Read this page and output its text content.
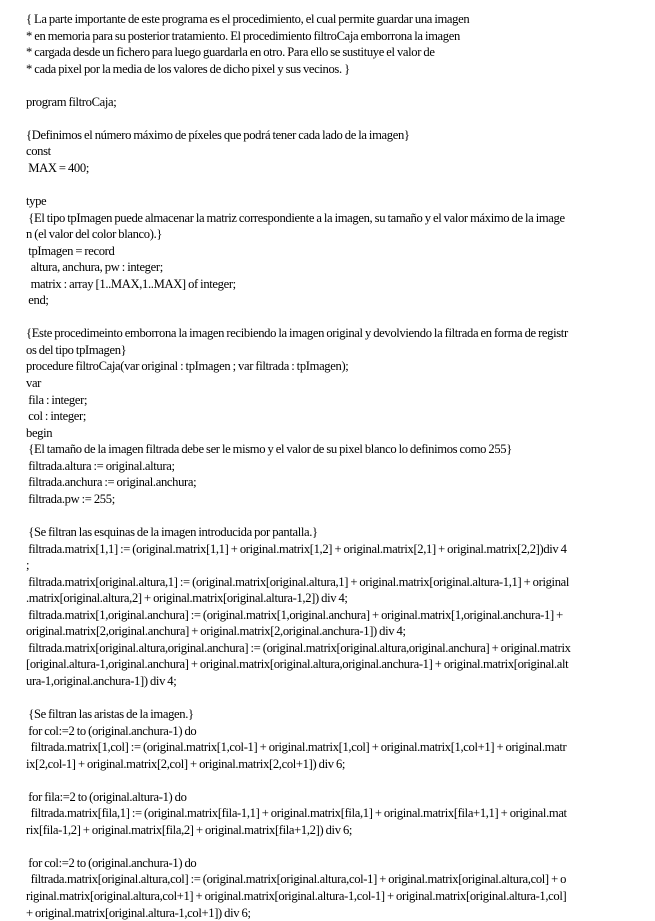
{ La parte importante de este programa es el procedimiento, el cual permite guardar una imagen
* en memoria para su posterior tratamiento. El procedimiento filtroCaja emborrona la imagen
* cargada desde un fichero para luego guardarla en otro. Para ello se sustituye el valor de
* cada pixel por la media de los valores de dicho pixel y sus vecinos. }
program filtroCaja;
{Definimos el número máximo de píxeles que podrá tener cada lado de la imagen}
const
MAX = 400;
type
{El tipo tpImagen puede almacenar la matriz correspondiente a la imagen, su tamaño y el valor máximo de la image
n (el valor del color blanco).}
tpImagen = record
altura, anchura, pw : integer;
matrix : array [1..MAX,1..MAX] of integer;
end;
{Este procedimeinto emborrona la imagen recibiendo la imagen original y devolviendo la filtrada en forma de registr
os del tipo tpImagen}
procedure filtroCaja(var original : tpImagen ; var filtrada : tpImagen);
var
fila : integer;
col : integer;
begin
{El tamaño de la imagen filtrada debe ser le mismo y el valor de su pixel blanco lo definimos como 255}
filtrada.altura := original.altura;
filtrada.anchura := original.anchura;
filtrada.pw := 255;
{Se filtran las esquinas de la imagen introducida por pantalla.}
filtrada.matrix[1,1] := (original.matrix[1,1] + original.matrix[1,2] + original.matrix[2,1] + original.matrix[2,2])div 4
;
filtrada.matrix[original.altura,1] := (original.matrix[original.altura,1] + original.matrix[original.altura-1,1] + original
.matrix[original.altura,2] + original.matrix[original.altura-1,2]) div 4;
filtrada.matrix[1,original.anchura] := (original.matrix[1,original.anchura] + original.matrix[1,original.anchura-1] +
original.matrix[2,original.anchura] + original.matrix[2,original.anchura-1]) div 4;
filtrada.matrix[original.altura,original.anchura] := (original.matrix[original.altura,original.anchura] + original.matrix
[original.altura-1,original.anchura] + original.matrix[original.altura,original.anchura-1] + original.matrix[original.alt
ura-1,original.anchura-1]) div 4;
{Se filtran las aristas de la imagen.}
for col:=2 to (original.anchura-1) do
filtrada.matrix[1,col] := (original.matrix[1,col-1] + original.matrix[1,col] + original.matrix[1,col+1] + original.matr
ix[2,col-1] + original.matrix[2,col] + original.matrix[2,col+1]) div 6;
for fila:=2 to (original.altura-1) do
filtrada.matrix[fila,1] := (original.matrix[fila-1,1] + original.matrix[fila,1] + original.matrix[fila+1,1] + original.mat
rix[fila-1,2] + original.matrix[fila,2] + original.matrix[fila+1,2]) div 6;
for col:=2 to (original.anchura-1) do
filtrada.matrix[original.altura,col] := (original.matrix[original.altura,col-1] + original.matrix[original.altura,col] + o
riginal.matrix[original.altura,col+1] + original.matrix[original.altura-1,col-1] + original.matrix[original.altura-1,col]
+ original.matrix[original.altura-1,col+1]) div 6;
